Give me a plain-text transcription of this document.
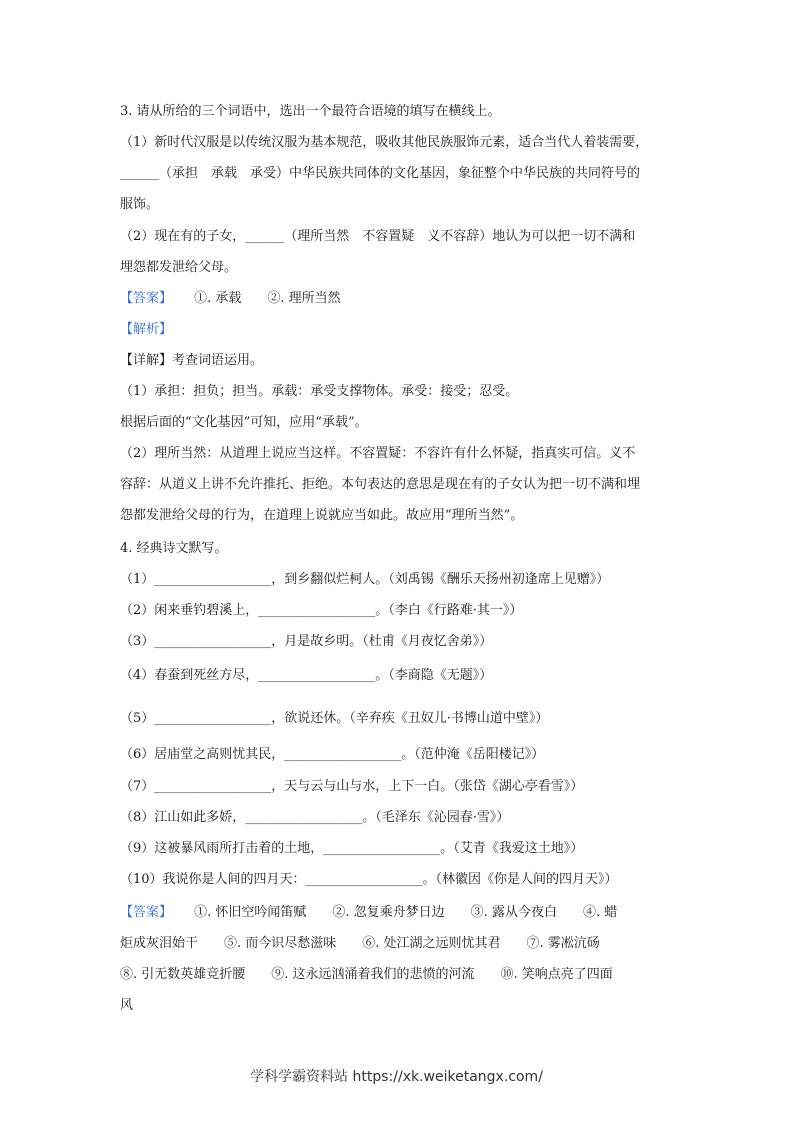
3. 请从所给的三个词语中，选出一个最符合语境的填写在横线上。
（1）新时代汉服是以传统汉服为基本规范，吸收其他民族服饰元素，适合当代人着装需要，
______（承担　承载　承受）中华民族共同体的文化基因，象征整个中华民族的共同符号的
服饰。
（2）现在有的子女，______（理所当然　不容置疑　义不容辞）地认为可以把一切不满和
埋怨都发泄给父母。
【答案】 ①. 承载　　②. 理所当然
【解析】
【详解】考查词语运用。
（1）承担：担负；担当。承载：承受支撑物体。承受：接受；忍受。
根据后面的“文化基因”可知，应用“承载”。
（2）理所当然：从道理上说应当这样。不容置疑：不容许有什么怀疑，指真实可信。义不
容辞：从道义上讲不允许推托、拒绝。本句表达的意思是现在有的子女认为把一切不满和埋
怨都发泄给父母的行为，在道理上说就应当如此。故应用“理所当然”。
4. 经典诗文默写。
（1）__________________，到乡翻似烂柯人。（刘禹锡《酬乐天扬州初逢席上见赠》）
（2）闲来垂钓碧溪上，__________________。（李白《行路难·其一》）
（3）__________________，月是故乡明。（杜甫《月夜忆舍弟》）
（4）春蚕到死丝方尽，__________________。（李商隐《无题》）
（5）__________________，欲说还休。（辛弃疾《丑奴儿·书博山道中壁》）
（6）居庙堂之高则忧其民，__________________。（范仲淹《岳阳楼记》）
（7）__________________，天与云与山与水，上下一白。（张岱《湖心亭看雪》）
（8）江山如此多娇，__________________。（毛泽东《沁园春·雪》）
（9）这被暴风雨所打击着的土地，__________________。（艾青《我爱这土地》）
（10）我说你是人间的四月天：__________________。（林徽因《你是人间的四月天》）
【答案】 ①. 怀旧空吟闻笛赋　　②. 忽复乘舟梦日边　　③. 露从今夜白　　④. 蜡
炬成灰泪始干　　⑤. 而今识尽愁滋味　　⑥. 处江湖之远则忧其君　　⑦. 雾凇沆砀
⑧. 引无数英雄竞折腰　　⑨. 这永远汹涌着我们的悲愤的河流　　⑩. 笑响点亮了四面
风
学科学霸资料站 https://xk.weiketangx.com/
